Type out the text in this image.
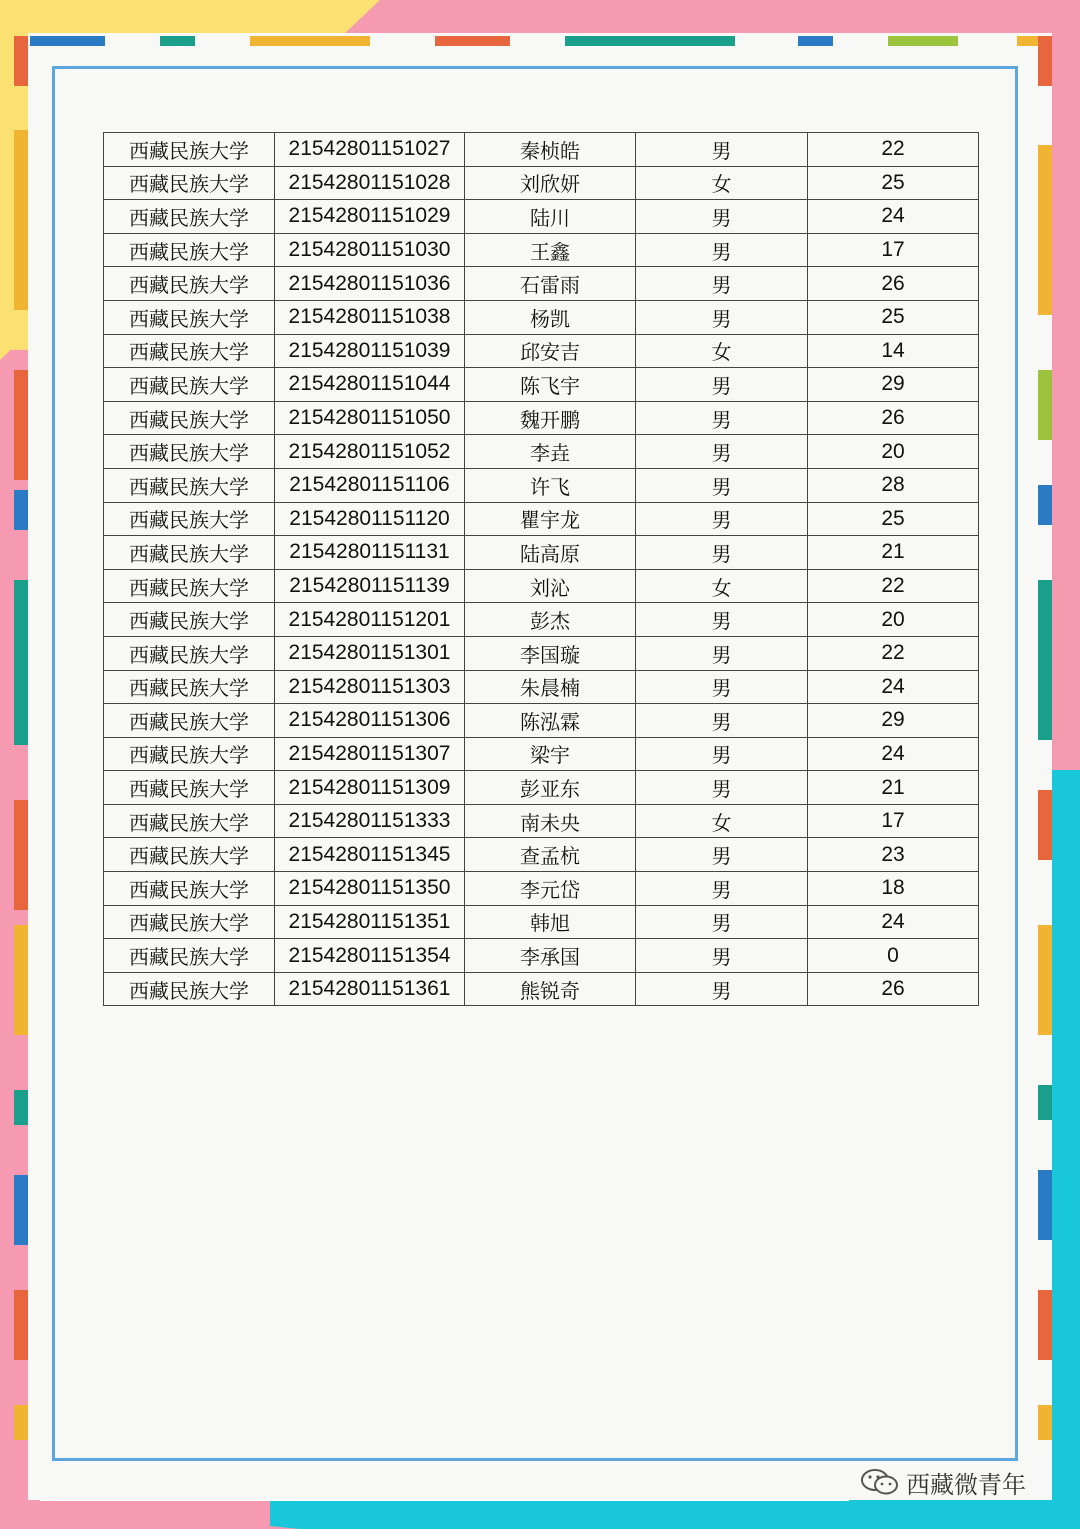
西藏民族大学	21542801151027	秦桢皓	男	22
西藏民族大学	21542801151028	刘欣妍	女	25
西藏民族大学	21542801151029	陆川	男	24
西藏民族大学	21542801151030	王鑫	男	17
西藏民族大学	21542801151036	石雷雨	男	26
西藏民族大学	21542801151038	杨凯	男	25
西藏民族大学	21542801151039	邱安吉	女	14
西藏民族大学	21542801151044	陈飞宇	男	29
西藏民族大学	21542801151050	魏开鹏	男	26
西藏民族大学	21542801151052	李垚	男	20
西藏民族大学	21542801151106	许飞	男	28
西藏民族大学	21542801151120	瞿宇龙	男	25
西藏民族大学	21542801151131	陆高原	男	21
西藏民族大学	21542801151139	刘沁	女	22
西藏民族大学	21542801151201	彭杰	男	20
西藏民族大学	21542801151301	李国璇	男	22
西藏民族大学	21542801151303	朱晨楠	男	24
西藏民族大学	21542801151306	陈泓霖	男	29
西藏民族大学	21542801151307	梁宇	男	24
西藏民族大学	21542801151309	彭亚东	男	21
西藏民族大学	21542801151333	南未央	女	17
西藏民族大学	21542801151345	查孟杭	男	23
西藏民族大学	21542801151350	李元岱	男	18
西藏民族大学	21542801151351	韩旭	男	24
西藏民族大学	21542801151354	李承国	男	0
西藏民族大学	21542801151361	熊锐奇	男	26
西藏微青年
